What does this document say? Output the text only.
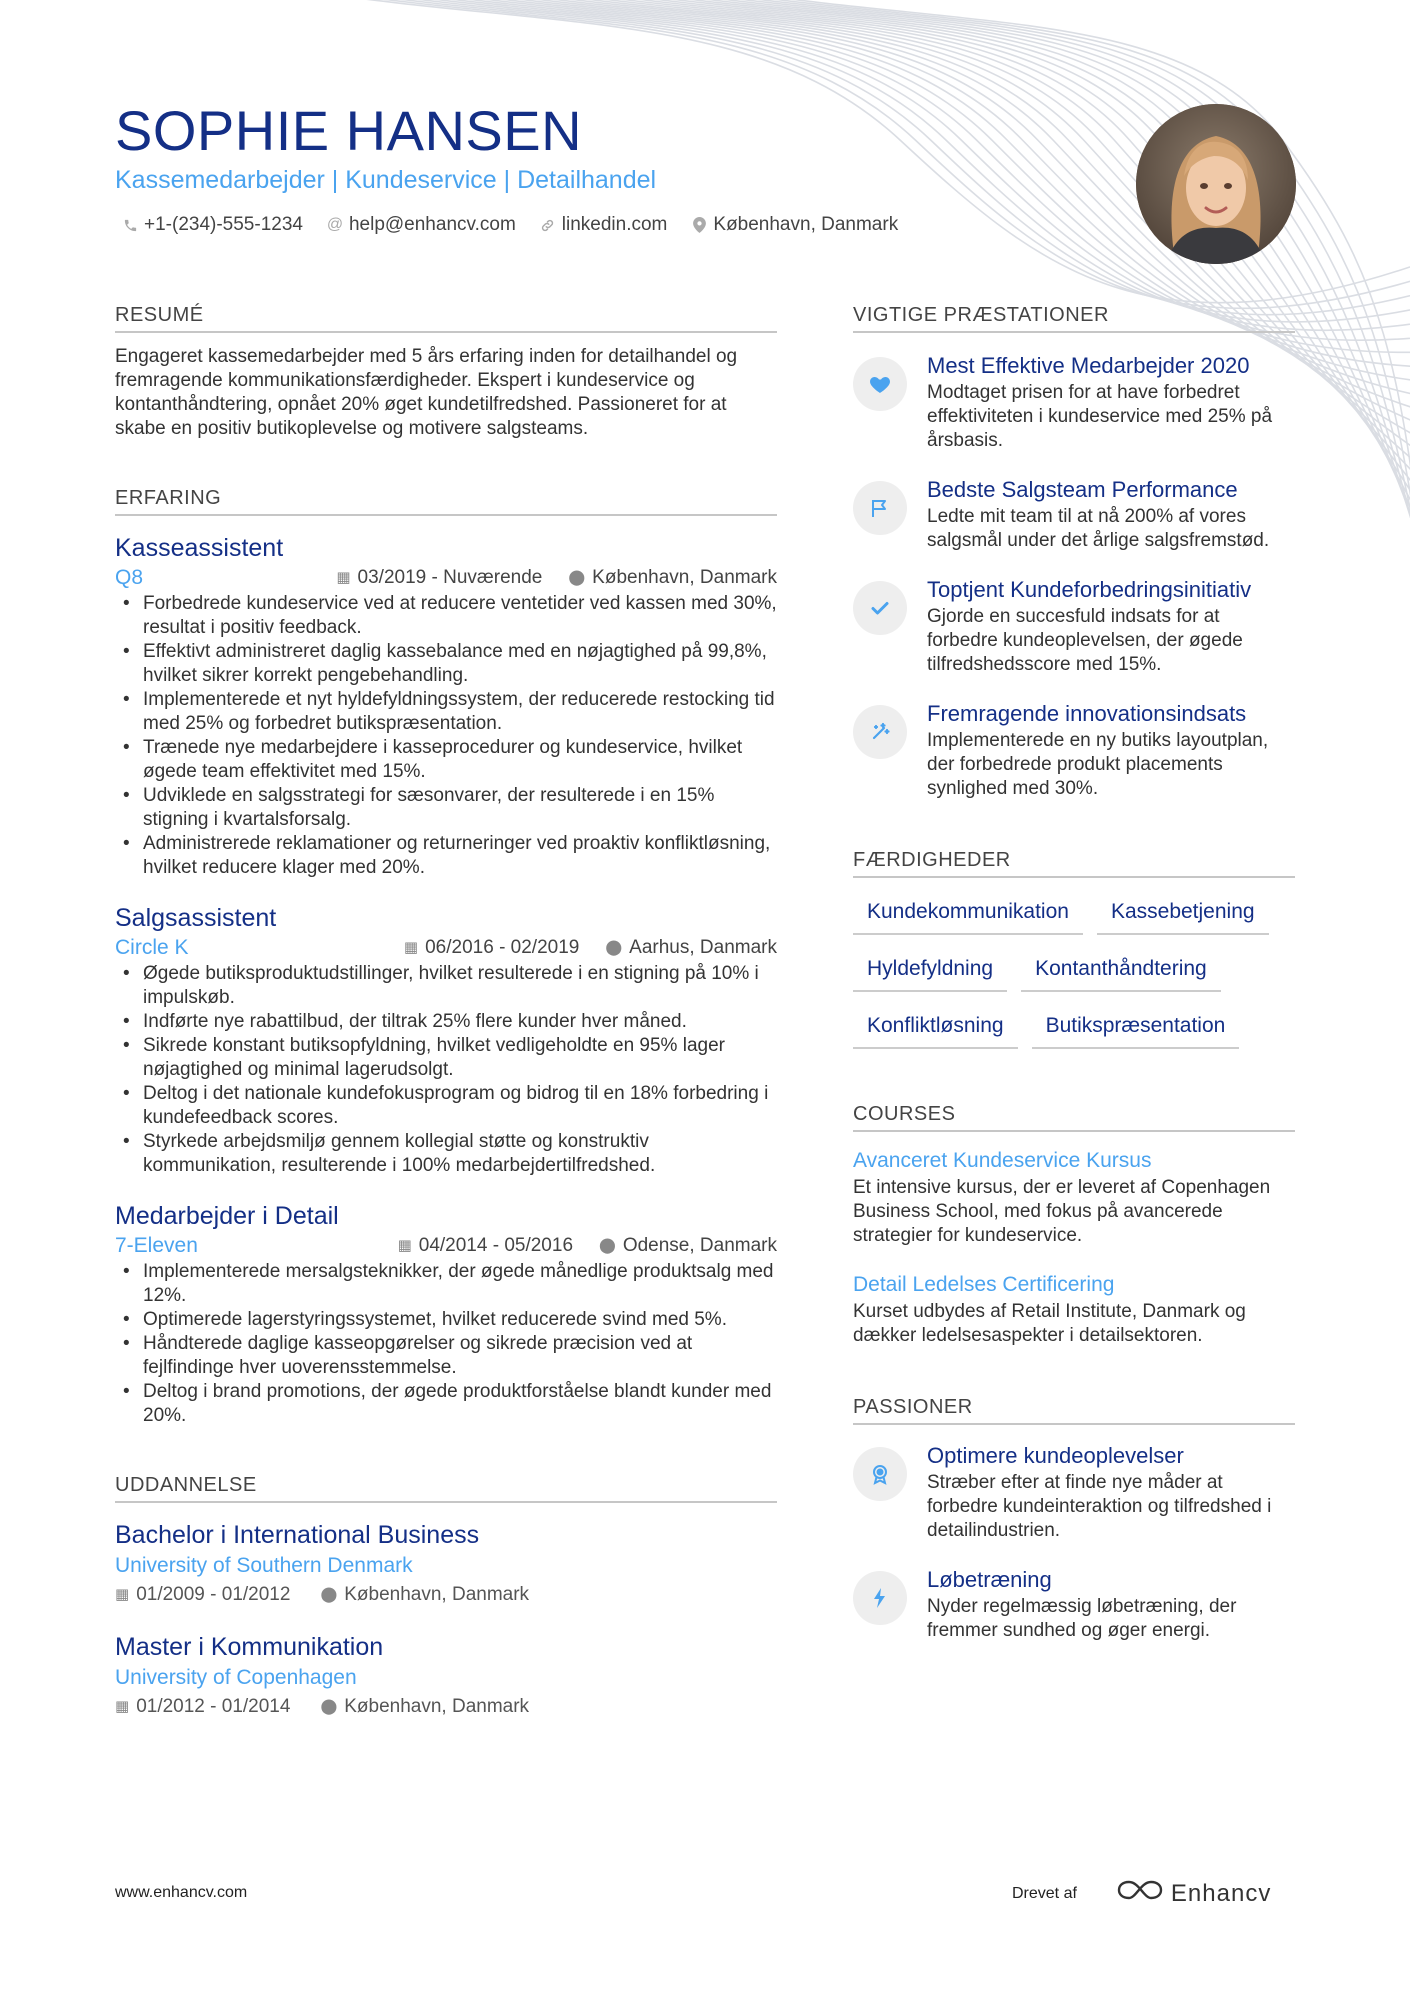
SOPHIE HANSEN
Kassemedarbejder | Kundeservice | Detailhandel
+1-(234)-555-1234 @ help@enhancv.com linkedin.com København, Danmark
RESUMÉ

Engageret kassemedarbejder med 5 års erfaring inden for detailhandel og fremragende kommunikationsfærdigheder. Ekspert i kundeservice og kontanthåndtering, opnået 20% øget kundetilfredshed. Passioneret for at skabe en positiv butikoplevelse og motivere salgsteams.

ERFARING
Kasseassistent
Q8	▦ 03/2019 - Nuværende ⬤ København, Danmark
• Forbedrede kundeservice ved at reducere ventetider ved kassen med 30%, resultat i positiv feedback.
• Effektivt administreret daglig kassebalance med en nøjagtighed på 99,8%, hvilket sikrer korrekt pengebehandling.
• Implementerede et nyt hyldefyldningssystem, der reducerede restocking tid med 25% og forbedret butikspræsentation.
• Trænede nye medarbejdere i kasseprocedurer og kundeservice, hvilket øgede team effektivitet med 15%.
• Udviklede en salgsstrategi for sæsonvarer, der resulterede i en 15% stigning i kvartalsforsalg.
• Administrerede reklamationer og returneringer ved proaktiv konfliktløsning, hvilket reducere klager med 20%.
Salgsassistent
Circle K	▦ 06/2016 - 02/2019 ⬤ Aarhus, Danmark
• Øgede butiksproduktudstillinger, hvilket resulterede i en stigning på 10% i impulskøb.
• Indførte nye rabattilbud, der tiltrak 25% flere kunder hver måned.
• Sikrede konstant butiksopfyldning, hvilket vedligeholdte en 95% lager nøjagtighed og minimal lagerudsolgt.
• Deltog i det nationale kundefokusprogram og bidrog til en 18% forbedring i kundefeedback scores.
• Styrkede arbejdsmiljø gennem kollegial støtte og konstruktiv kommunikation, resulterende i 100% medarbejdertilfredshed.
Medarbejder i Detail
7-Eleven	▦ 04/2014 - 05/2016 ⬤ Odense, Danmark
• Implementerede mersalgsteknikker, der øgede månedlige produktsalg med 12%.
• Optimerede lagerstyringssystemet, hvilket reducerede svind med 5%.
• Håndterede daglige kasseopgørelser og sikrede præcision ved at fejlfindinge hver uoverensstemmelse.
• Deltog i brand promotions, der øgede produktforståelse blandt kunder med 20%.
UDDANNELSE
Bachelor i International Business
University of Southern Denmark
▦ 01/2009 - 01/2012 ⬤ København, Danmark
Master i Kommunikation
University of Copenhagen
▦ 01/2012 - 01/2014 ⬤ København, Danmark
VIGTIGE PRÆSTATIONER
Mest Effektive Medarbejder 2020
Modtaget prisen for at have forbedret effektiviteten i kundeservice med 25% på årsbasis.
Bedste Salgsteam Performance
Ledte mit team til at nå 200% af vores salgsmål under det årlige salgsfremstød.
Toptjent Kundeforbedringsinitiativ
Gjorde en succesfuld indsats for at forbedre kundeoplevelsen, der øgede tilfredshedsscore med 15%.
Fremragende innovationsindsats
Implementerede en ny butiks layoutplan, der forbedrede produkt placements synlighed med 30%.
FÆRDIGHEDER
Kundekommunikation	Kassebetjening
Hyldefyldning	Kontanthåndtering
Konfliktløsning	Butikspræsentation
COURSES
Avanceret Kundeservice Kursus
Et intensive kursus, der er leveret af Copenhagen Business School, med fokus på avancerede strategier for kundeservice.
Detail Ledelses Certificering
Kurset udbydes af Retail Institute, Danmark og dækker ledelsesaspekter i detailsektoren.
PASSIONER
Optimere kundeoplevelser
Stræber efter at finde nye måder at forbedre kundeinteraktion og tilfredshed i detailindustrien.
Løbetræning
Nyder regelmæssig løbetræning, der fremmer sundhed og øger energi.
www.enhancv.com	Drevet af	Enhancv
